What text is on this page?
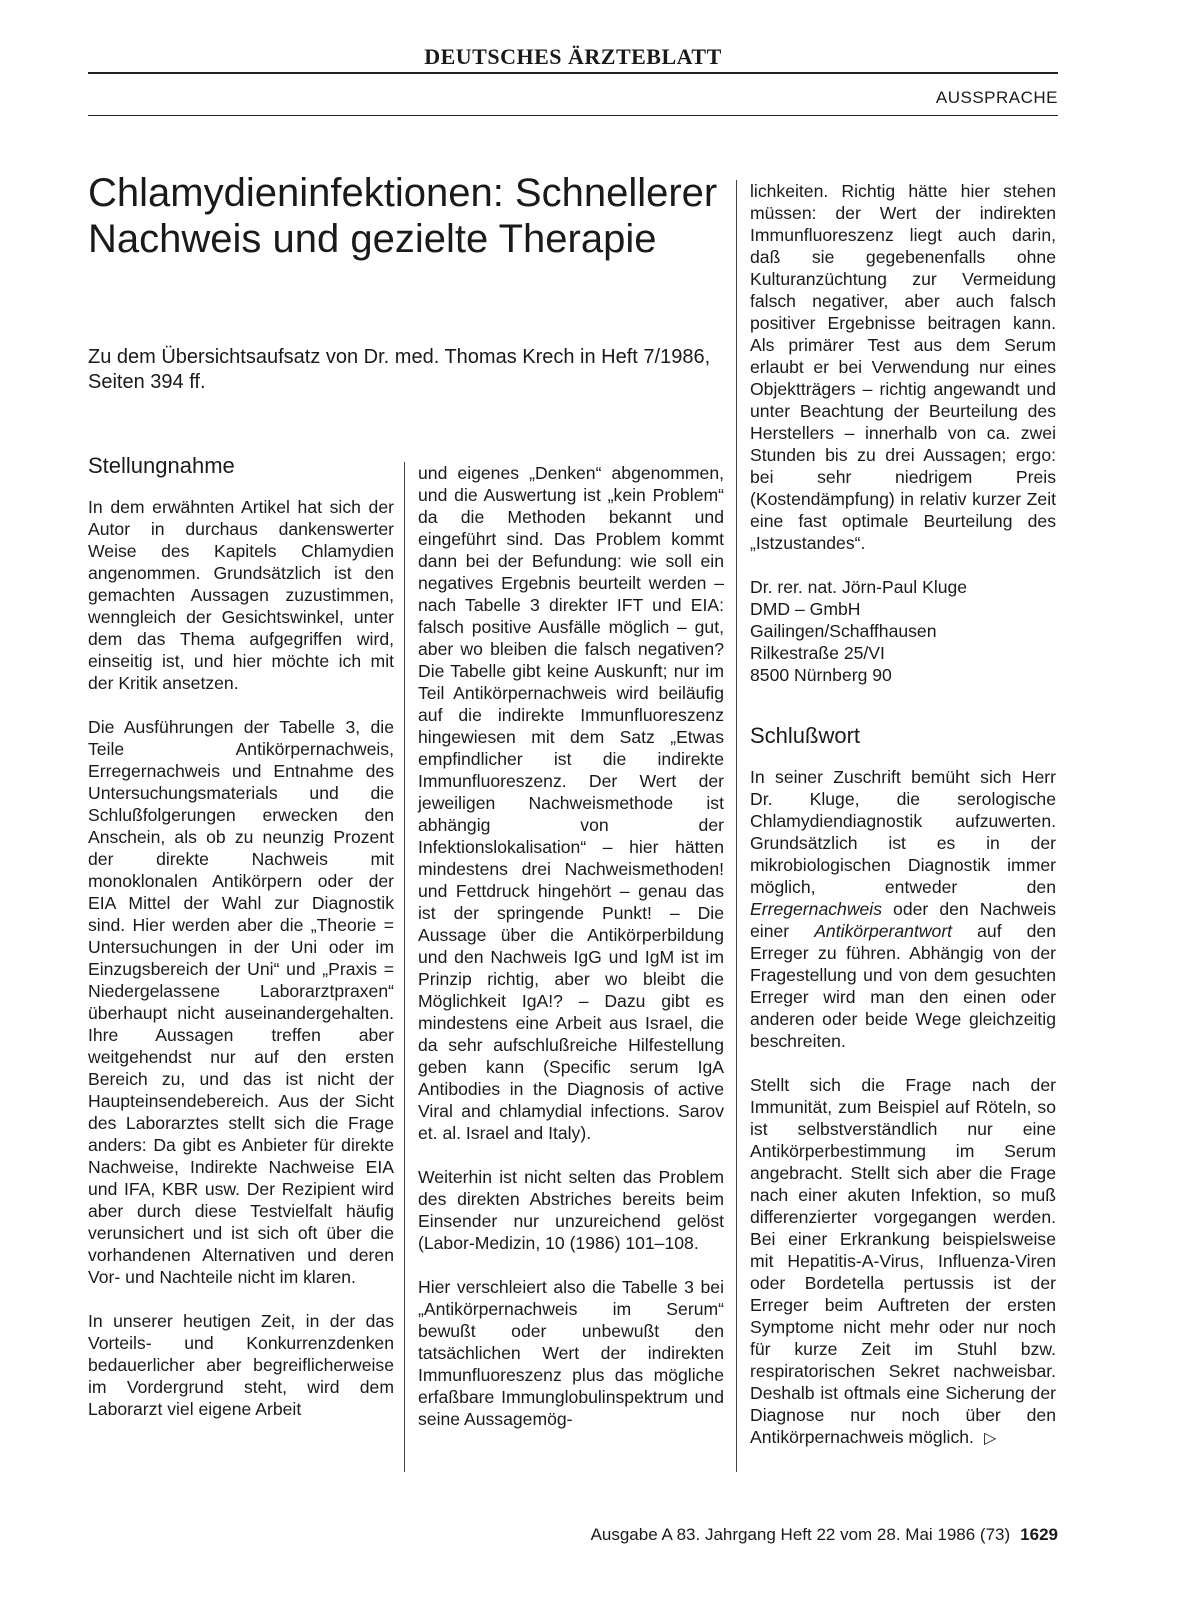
DEUTSCHES ÄRZTEBLATT
AUSSPRACHE
Chlamydieninfektionen: Schnellerer Nachweis und gezielte Therapie

Zu dem Übersichtsaufsatz von Dr. med. Thomas Krech in Heft 7/1986, Seiten 394 ff.

Stellungnahme

In dem erwähnten Artikel hat sich der Autor in durchaus dankenswerter Weise des Kapitels Chlamydien angenommen. Grundsätzlich ist den gemachten Aussagen zuzustimmen, wenngleich der Gesichtswinkel, unter dem das Thema aufgegriffen wird, einseitig ist, und hier möchte ich mit der Kritik ansetzen.

Die Ausführungen der Tabelle 3, die Teile Antikörpernachweis, Erregernachweis und Entnahme des Untersuchungsmaterials und die Schlußfolgerungen erwecken den Anschein, als ob zu neunzig Prozent der direkte Nachweis mit monoklonalen Antikörpern oder der EIA Mittel der Wahl zur Diagnostik sind. Hier werden aber die „Theorie = Untersuchungen in der Uni oder im Einzugsbereich der Uni“ und „Praxis = Niedergelassene Laborarztpraxen“ überhaupt nicht auseinandergehalten. Ihre Aussagen treffen aber weitgehendst nur auf den ersten Bereich zu, und das ist nicht der Haupteinsendebereich. Aus der Sicht des Laborarztes stellt sich die Frage anders: Da gibt es Anbieter für direkte Nachweise, Indirekte Nachweise EIA und IFA, KBR usw. Der Rezipient wird aber durch diese Testvielfalt häufig verunsichert und ist sich oft über die vorhandenen Alternativen und deren Vor- und Nachteile nicht im klaren.

In unserer heutigen Zeit, in der das Vorteils- und Konkurrenzdenken bedauerlicher aber begreiflicherweise im Vordergrund steht, wird dem Laborarzt viel eigene Arbeit

und eigenes „Denken“ abgenommen, und die Auswertung ist „kein Problem“ da die Methoden bekannt und eingeführt sind. Das Problem kommt dann bei der Befundung: wie soll ein negatives Ergebnis beurteilt werden – nach Tabelle 3 direkter IFT und EIA: falsch positive Ausfälle möglich – gut, aber wo bleiben die falsch negativen? Die Tabelle gibt keine Auskunft; nur im Teil Antikörpernachweis wird beiläufig auf die indirekte Immunfluoreszenz hingewiesen mit dem Satz „Etwas empfindlicher ist die indirekte Immunfluoreszenz. Der Wert der jeweiligen Nachweismethode ist abhängig von der Infektionslokalisation“ – hier hätten mindestens drei Nachweismethoden! und Fettdruck hingehört – genau das ist der springende Punkt! – Die Aussage über die Antikörperbildung und den Nachweis IgG und IgM ist im Prinzip richtig, aber wo bleibt die Möglichkeit IgA!? – Dazu gibt es mindestens eine Arbeit aus Israel, die da sehr aufschlußreiche Hilfestellung geben kann (Specific serum IgA Antibodies in the Diagnosis of active Viral and chlamydial infections. Sarov et. al. Israel and Italy).

Weiterhin ist nicht selten das Problem des direkten Abstriches bereits beim Einsender nur unzureichend gelöst (Labor-Medizin, 10 (1986) 101–108.

Hier verschleiert also die Tabelle 3 bei „Antikörpernachweis im Serum“ bewußt oder unbewußt den tatsächlichen Wert der indirekten Immunfluoreszenz plus das mögliche erfaßbare Immunglobulinspektrum und seine Aussagemög-

lichkeiten. Richtig hätte hier stehen müssen: der Wert der indirekten Immunfluoreszenz liegt auch darin, daß sie gegebenenfalls ohne Kulturanzüchtung zur Vermeidung falsch negativer, aber auch falsch positiver Ergebnisse beitragen kann. Als primärer Test aus dem Serum erlaubt er bei Verwendung nur eines Objektträgers – richtig angewandt und unter Beachtung der Beurteilung des Herstellers – innerhalb von ca. zwei Stunden bis zu drei Aussagen; ergo: bei sehr niedrigem Preis (Kostendämpfung) in relativ kurzer Zeit eine fast optimale Beurteilung des „Istzustandes“.

Dr. rer. nat. Jörn-Paul Kluge

DMD – GmbH

Gailingen/Schaffhausen

Rilkestraße 25/VI

8500 Nürnberg 90

Schlußwort

In seiner Zuschrift bemüht sich Herr Dr. Kluge, die serologische Chlamydiendiagnostik aufzuwerten. Grundsätzlich ist es in der mikrobiologischen Diagnostik immer möglich, entweder den Erregernachweis oder den Nachweis einer Antikörperantwort auf den Erreger zu führen. Abhängig von der Fragestellung und von dem gesuchten Erreger wird man den einen oder anderen oder beide Wege gleichzeitig beschreiten.

Stellt sich die Frage nach der Immunität, zum Beispiel auf Röteln, so ist selbstverständlich nur eine Antikörperbestimmung im Serum angebracht. Stellt sich aber die Frage nach einer akuten Infektion, so muß differenzierter vorgegangen werden. Bei einer Erkrankung beispielsweise mit Hepatitis-A-Virus, Influenza-Viren oder Bordetella pertussis ist der Erreger beim Auftreten der ersten Symptome nicht mehr oder nur noch für kurze Zeit im Stuhl bzw. respiratorischen Sekret nachweisbar. Deshalb ist oftmals eine Sicherung der Diagnose nur noch über den Antikörpernachweis möglich. ▷

Ausgabe A 83. Jahrgang Heft 22 vom 28. Mai 1986 (73) 1629
